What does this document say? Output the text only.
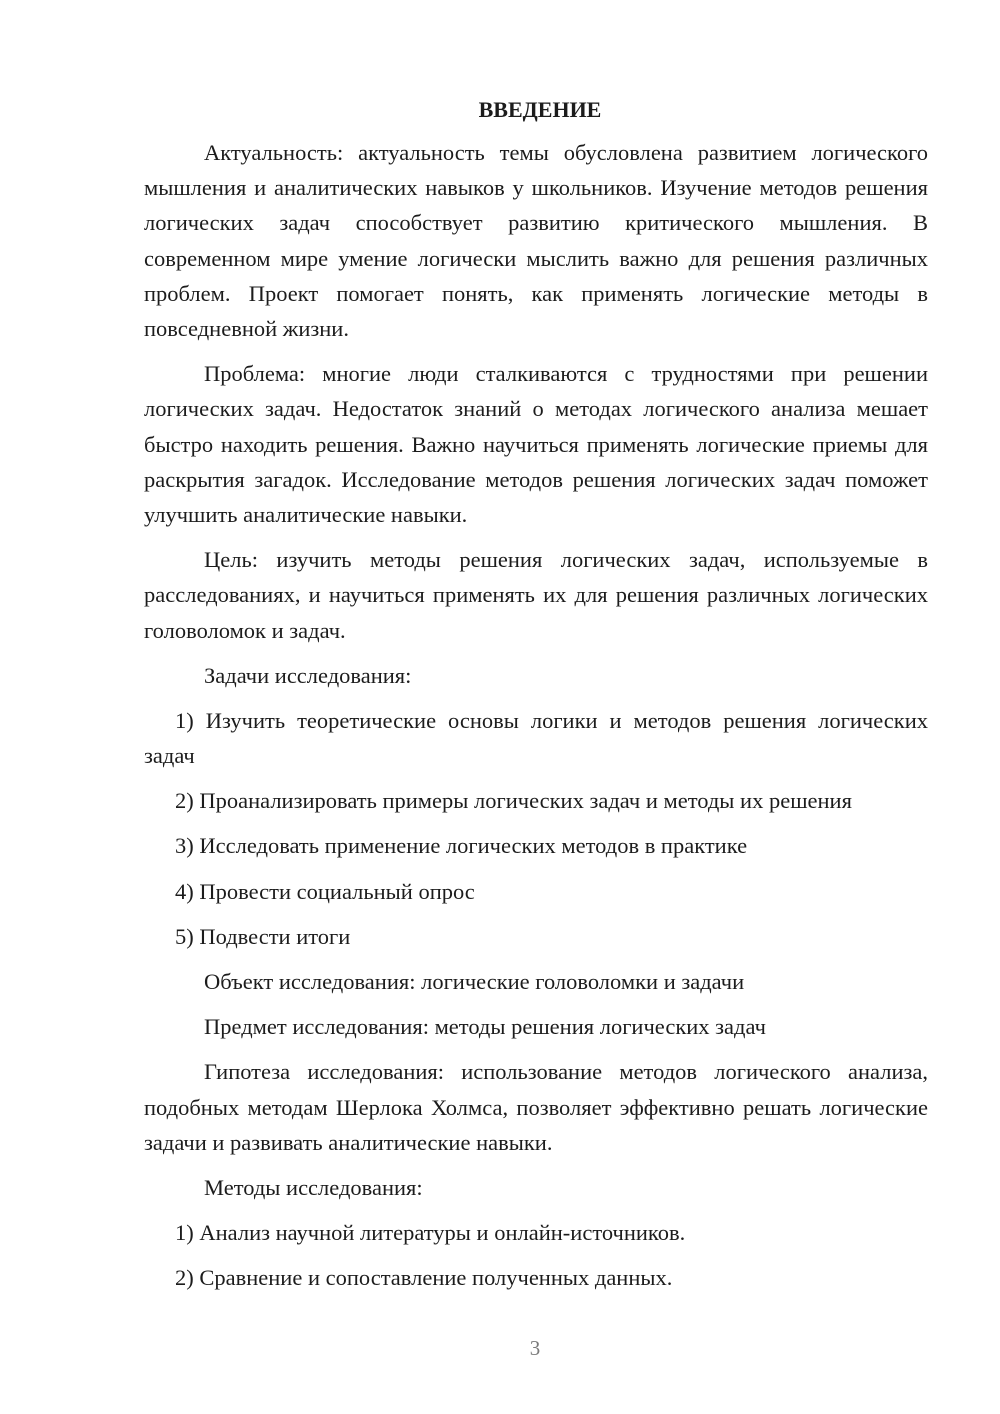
ВВЕДЕНИЕ

Актуальность: актуальность темы обусловлена развитием логического мышления и аналитических навыков у школьников. Изучение методов решения логических задач способствует развитию критического мышления. В современном мире умение логически мыслить важно для решения различных проблем. Проект помогает понять, как применять логические методы в повседневной жизни.

Проблема: многие люди сталкиваются с трудностями при решении логических задач. Недостаток знаний о методах логического анализа мешает быстро находить решения. Важно научиться применять логические приемы для раскрытия загадок. Исследование методов решения логических задач поможет улучшить аналитические навыки.

Цель: изучить методы решения логических задач, используемые в расследованиях, и научиться применять их для решения различных логических головоломок и задач.

Задачи исследования:

1) Изучить теоретические основы логики и методов решения логических задач

2) Проанализировать примеры логических задач и методы их решения

3) Исследовать применение логических методов в практике

4) Провести социальный опрос

5) Подвести итоги

Объект исследования: логические головоломки и задачи

Предмет исследования: методы решения логических задач

Гипотеза исследования: использование методов логического анализа, подобных методам Шерлока Холмса, позволяет эффективно решать логические задачи и развивать аналитические навыки.

Методы исследования:

1) Анализ научной литературы и онлайн-источников.

2) Сравнение и сопоставление полученных данных.

3
